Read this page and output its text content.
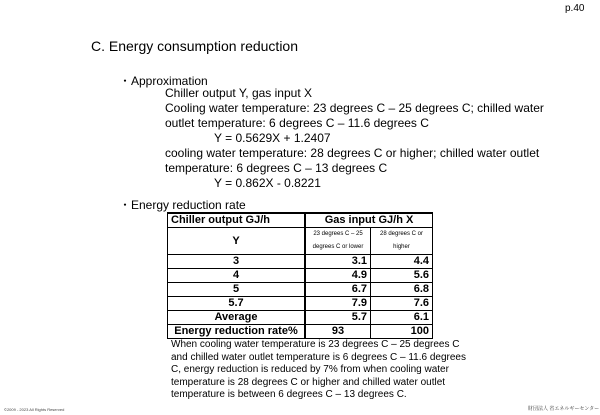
p.40
C. Energy consumption reduction
・Approximation
Chiller output Y, gas input X
Cooling water temperature: 23 degrees C – 25 degrees C; chilled water
outlet temperature: 6 degrees C – 11.6 degrees C
Y = 0.5629X + 1.2407
cooling water temperature: 28 degrees C or higher; chilled water outlet
temperature: 6 degrees C – 13 degrees C
Y = 0.862X - 0.8221
・Energy reduction rate
Chiller output GJ/h	Gas input GJ/h X	
Y	23 degrees C – 25 degrees C or lower	28 degrees C or higher
3	3.1	4.4
4	4.9	5.6
5	6.7	6.8
5.7	7.9	7.6
Average	5.7	6.1
Energy reduction rate%	93	100
When cooling water temperature is 23 degrees C – 25 degrees C
and chilled water outlet temperature is 6 degrees C – 11.6 degrees
C, energy reduction is reduced by 7% from when cooling water
temperature is 28 degrees C or higher and chilled water outlet
temperature is between 6 degrees C – 13 degrees C.
©2009 - 2023 All Rights Reserved	財団法人 省エネルギーセンター
